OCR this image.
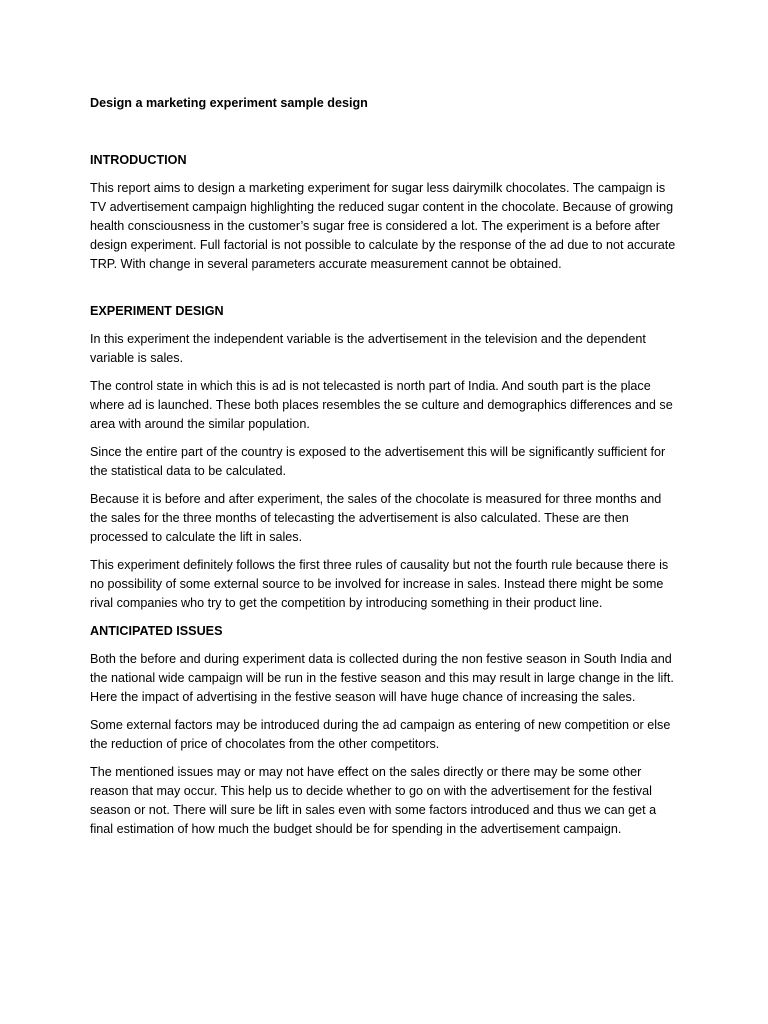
Design a marketing experiment sample design
INTRODUCTION
This report aims to design a marketing experiment for sugar less dairymilk chocolates. The campaign is TV advertisement campaign highlighting the reduced sugar content in the chocolate. Because of growing health consciousness in the customer’s sugar free is considered a lot. The experiment is a before after design experiment. Full factorial is not possible to calculate by the response of the ad due to not accurate TRP. With change in several parameters accurate measurement cannot be obtained.
EXPERIMENT DESIGN
In this experiment the independent variable is the advertisement in the television and the dependent variable is sales.
The control state in which this is ad is not telecasted is north part of India. And south part is the place where ad is launched. These both places resembles the se culture and demographics differences and se area with around the similar population.
Since the entire part of the country is exposed to the advertisement this will be significantly sufficient for the statistical data to be calculated.
Because it is before and after experiment, the sales of the chocolate is measured for three months and the sales for the three months of telecasting the advertisement is also calculated. These are then processed to calculate the lift in sales.
This experiment definitely follows the first three rules of causality but not the fourth rule because there is no possibility of some external source to be involved for increase in sales. Instead there might be some rival companies who try to get the competition by introducing something in their product line.
ANTICIPATED ISSUES
Both the before and during experiment data is collected during the non festive season in South India and the national wide campaign will be run in the festive season and this may result in large change in the lift. Here the impact of advertising in the festive season will have huge chance of increasing the sales.
Some external factors may be introduced during the ad campaign as entering of new competition or else the reduction of price of chocolates from the other competitors.
The mentioned issues may or may not have effect on the sales directly or there may be some other reason that may occur. This help us to decide whether to go on with the advertisement for the festival season or not. There will sure be lift in sales even with some factors introduced and thus we can get a final estimation of how much the budget should be for spending in the advertisement campaign.
